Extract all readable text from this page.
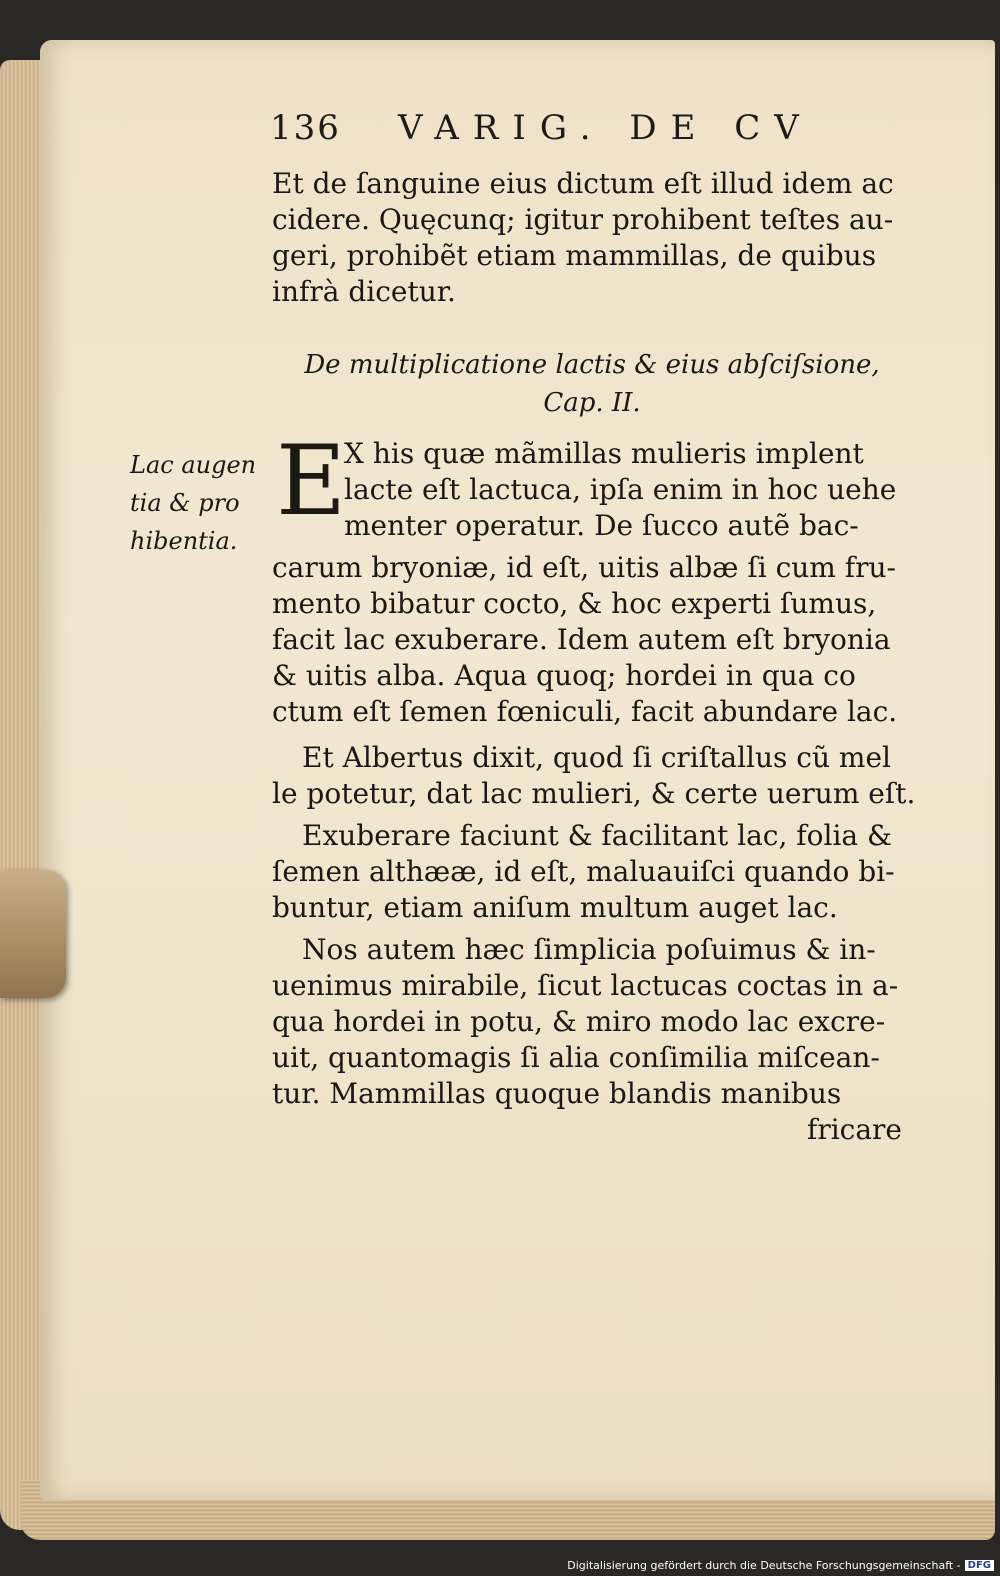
136 VARIG. DE CV
Et de ſanguine eius dictum eſt illud idem ac
cidere. Quęcunq; igitur prohibent teſtes au-
geri, prohibẽt etiam mammillas, de quibus
infrà dicetur.
De multiplicatione lactis & eius abſciſsione,
Cap. II.
Lac augen
tia & pro
hibentia.
E
X his quæ mãmillas mulieris implent
lacte eſt lactuca, ipſa enim in hoc uehe
menter operatur. De ſucco autẽ bac-
carum bryoniæ, id eſt, uitis albæ ſi cum fru-
mento bibatur cocto, & hoc experti ſumus,
facit lac exuberare. Idem autem eſt bryonia
& uitis alba. Aqua quoq; hordei in qua co
ctum eſt ſemen fœniculi, facit abundare lac.
Et Albertus dixit, quod ſi criſtallus cũ mel
le potetur, dat lac mulieri, & certe uerum eſt.
Exuberare faciunt & facilitant lac, folia &
ſemen althææ, id eſt, maluauiſci quando bi-
buntur, etiam aniſum multum auget lac.
Nos autem hæc ſimplicia poſuimus & in-
uenimus mirabile, ſicut lactucas coctas in a-
qua hordei in potu, & miro modo lac excre-
uit, quantomagis ſi alia conſimilia miſcean-
tur. Mammillas quoque blandis manibus
fricare
Digitalisierung gefördert durch die Deutsche Forschungsgemeinschaft - DFG
